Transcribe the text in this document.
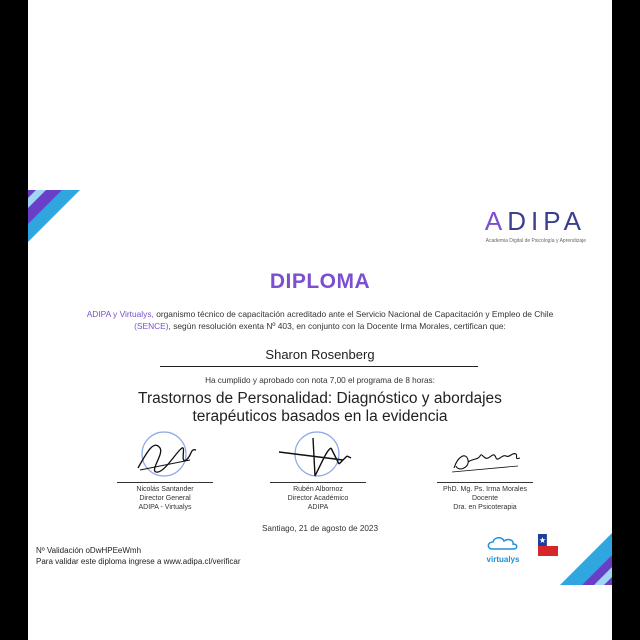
ADIPA
Academia Digital de Psicología y Aprendizaje
DIPLOMA
ADIPA y Virtualys, organismo técnico de capacitación acreditado ante el Servicio Nacional de Capacitación y Empleo de Chile (SENCE), según resolución exenta Nº 403, en conjunto con la Docente Irma Morales, certifican que:
Sharon Rosenberg
Ha cumplido y aprobado con nota 7,00 el programa de 8 horas:
Trastornos de Personalidad: Diagnóstico y abordajes terapéuticos basados en la evidencia
Nicolás Santander
Director General
ADIPA - Virtualys
Rubén Albornoz
Director Académico
ADIPA
PhD. Mg. Ps. Irma Morales
Docente
Dra. en Psicoterapia
Santiago, 21 de agosto de 2023
Nº Validación oDwHPEeWmh
Para validar este diploma ingrese a www.adipa.cl/verificar	virtualys
